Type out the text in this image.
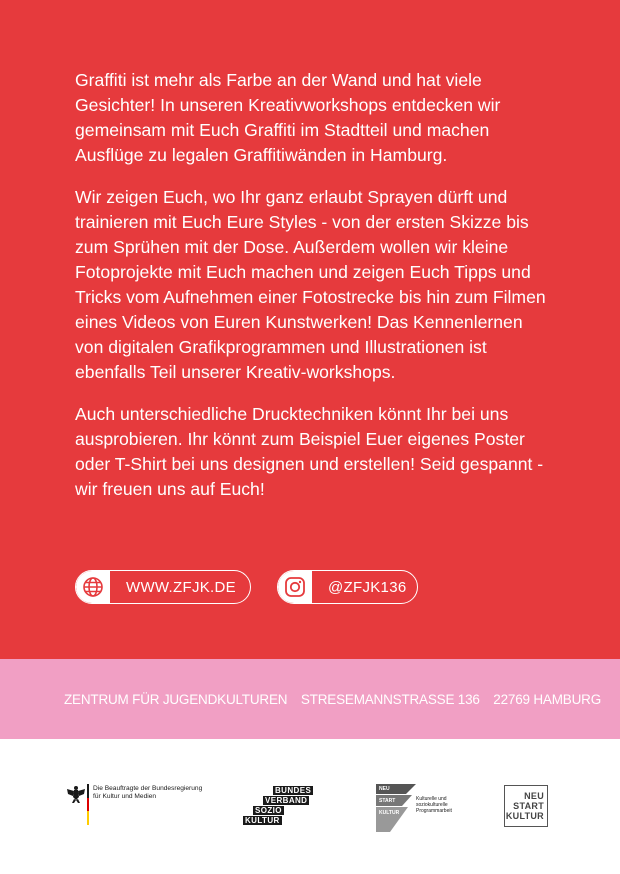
Graffiti ist mehr als Farbe an der Wand und hat viele Gesichter! In unseren Kreativworkshops entdecken wir gemeinsam mit Euch Graffiti im Stadtteil und machen Ausflüge zu legalen Graffitiwänden in Hamburg.

Wir zeigen Euch, wo Ihr ganz erlaubt Sprayen dürft und trainieren mit Euch Eure Styles - von der ersten Skizze bis zum Sprühen mit der Dose. Außerdem wollen wir kleine Fotoprojekte mit Euch machen und zeigen Euch Tipps und Tricks vom Aufnehmen einer Fotostrecke bis hin zum Filmen eines Videos von Euren Kunstwerken! Das Kennenlernen von digitalen Grafikprogrammen und Illustrationen ist ebenfalls Teil unserer Kreativ-workshops.

Auch unterschiedliche Drucktechniken könnt Ihr bei uns ausprobieren. Ihr könnt zum Beispiel Euer eigenes Poster oder T-Shirt bei uns designen und erstellen! Seid gespannt - wir freuen uns auf Euch!

WWW.ZFJK.DE	@ZFJK136
ZENTRUM FÜR JUGENDKULTUREN STRESEMANNSTRASSE 136 22769 HAMBURG
Die Beauftragte der Bundesregierung
für Kultur und Medien
BUNDES
VERBAND
SOZIO
KULTUR
NEU
START
KULTUR
Kulturelle und
soziokulturelle
Programmarbeit
NEU
START
KULTUR
